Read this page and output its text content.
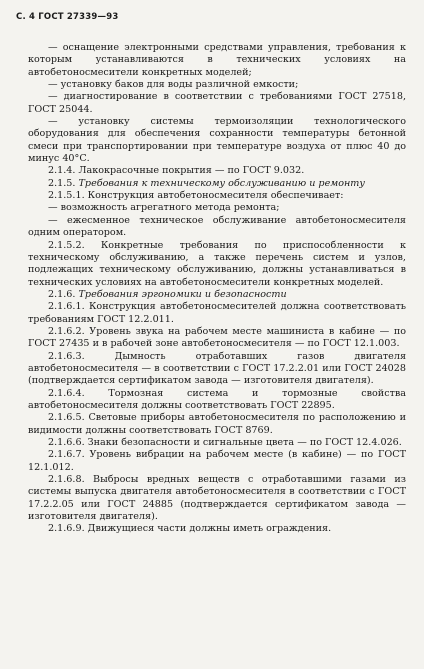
С. 4 ГОСТ 27339—93

— оснащение электронными средствами управления, требования к которым устанавливаются в технических условиях на автобетоносмесители конкретных моделей;

— установку баков для воды различной емкости;

— диагностирование в соответствии с требованиями ГОСТ 27518, ГОСТ 25044.

— установку системы термоизоляции технологического оборудования для обеспечения сохранности температуры бетонной смеси при транспортировании при температуре воздуха от плюс 40 до минус 40°С.

2.1.4. Лакокрасочные покрытия — по ГОСТ 9.032.

2.1.5. Требования к техническому обслуживанию и ремонту

2.1.5.1. Конструкция автобетоносмесителя обеспечивает:

— возможность агрегатного метода ремонта;

— ежесменное техническое обслуживание автобетоносмесителя одним оператором.

2.1.5.2. Конкретные требования по приспособленности к техническому обслуживанию, а также перечень систем и узлов, подлежащих техническому обслуживанию, должны устанавливаться в технических условиях на автобетоносмесители конкретных моделей.

2.1.6. Требования эргономики и безопасности

2.1.6.1. Конструкция автобетоносмесителей должна соответствовать требованиям ГОСТ 12.2.011.

2.1.6.2. Уровень звука на рабочем месте машиниста в кабине — по ГОСТ 27435 и в рабочей зоне автобетоносмесителя — по ГОСТ 12.1.003.

2.1.6.3. Дымность отработавших газов двигателя автобетоносмесителя — в соответствии с ГОСТ 17.2.2.01 или ГОСТ 24028 (подтверждается сертификатом завода — изготовителя двигателя).

2.1.6.4. Тормозная система и тормозные свойства автобетоносмесителя должны соответствовать ГОСТ 22895.

2.1.6.5. Световые приборы автобетоносмесителя по расположению и видимости должны соответствовать ГОСТ 8769.

2.1.6.6. Знаки безопасности и сигнальные цвета — по ГОСТ 12.4.026.

2.1.6.7. Уровень вибрации на рабочем месте (в кабине) — по ГОСТ 12.1.012.

2.1.6.8. Выбросы вредных веществ с отработавшими газами из системы выпуска двигателя автобетоносмесителя в соответствии с ГОСТ 17.2.2.05 или ГОСТ 24885 (подтверждается сертификатом завода — изготовителя двигателя).

2.1.6.9. Движущиеся части должны иметь ограждения.
